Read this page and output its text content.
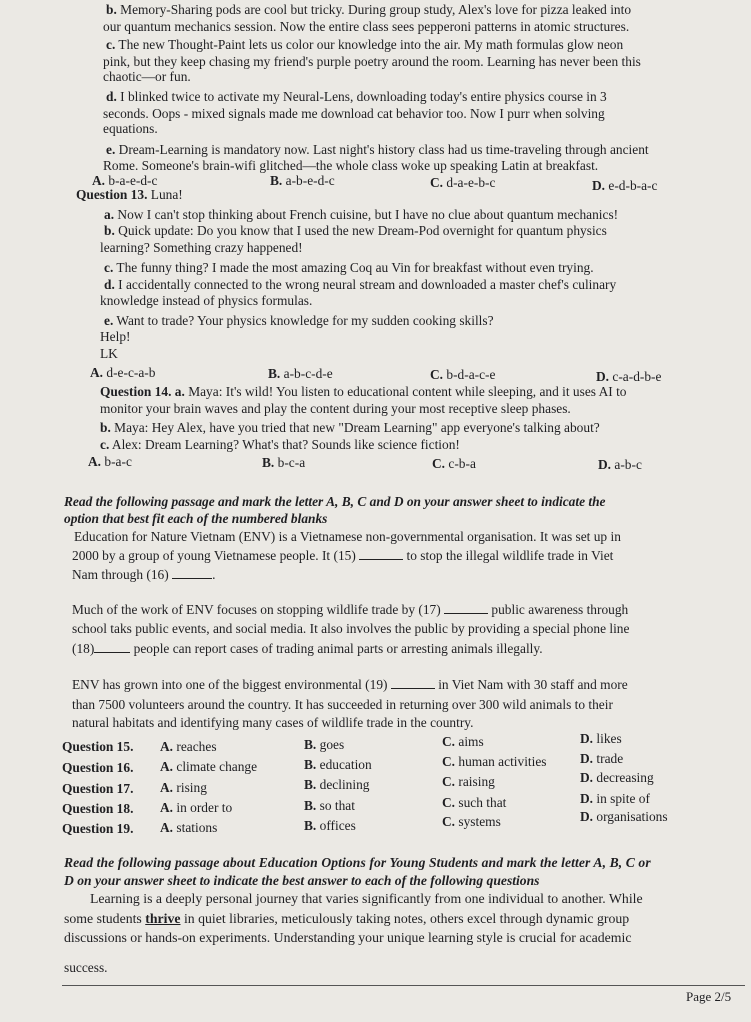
b. Memory-Sharing pods are cool but tricky. During group study, Alex's love for pizza leaked into
our quantum mechanics session. Now the entire class sees pepperoni patterns in atomic structures.
c. The new Thought-Paint lets us color our knowledge into the air. My math formulas glow neon
pink, but they keep chasing my friend's purple poetry around the room. Learning has never been this
chaotic—or fun.
d. I blinked twice to activate my Neural-Lens, downloading today's entire physics course in 3
seconds. Oops - mixed signals made me download cat behavior too. Now I purr when solving
equations.
e. Dream-Learning is mandatory now. Last night's history class had us time-traveling through ancient
Rome. Someone's brain-wifi glitched—the whole class woke up speaking Latin at breakfast.
A. b-a-e-d-c	B. a-b-e-d-c	C. d-a-e-b-c	D. e-d-b-a-c
Question 13. Luna!
a. Now I can't stop thinking about French cuisine, but I have no clue about quantum mechanics!
b. Quick update: Do you know that I used the new Dream-Pod overnight for quantum physics
learning? Something crazy happened!
c. The funny thing? I made the most amazing Coq au Vin for breakfast without even trying.
d. I accidentally connected to the wrong neural stream and downloaded a master chef's culinary
knowledge instead of physics formulas.
e. Want to trade? Your physics knowledge for my sudden cooking skills?
Help!
LK
A. d-e-c-a-b	B. a-b-c-d-e	C. b-d-a-c-e	D. c-a-d-b-e
Question 14. a. Maya: It's wild! You listen to educational content while sleeping, and it uses AI to
monitor your brain waves and play the content during your most receptive sleep phases.
b. Maya: Hey Alex, have you tried that new "Dream Learning" app everyone's talking about?
c. Alex: Dream Learning? What's that? Sounds like science fiction!
A. b-a-c	B. b-c-a	C. c-b-a	D. a-b-c
Read the following passage and mark the letter A, B, C and D on your answer sheet to indicate the
option that best fit each of the numbered blanks
Education for Nature Vietnam (ENV) is a Vietnamese non-governmental organisation. It was set up in
2000 by a group of young Vietnamese people. It (15)	to stop the illegal wildlife trade in Viet
Nam through (16)	.
Much of the work of ENV focuses on stopping wildlife trade by (17)	public awareness through
school taks public events, and social media. It also involves the public by providing a special phone line
(18)	people can report cases of trading animal parts or arresting animals illegally.
ENV has grown into one of the biggest environmental (19)	in Viet Nam with 30 staff and more
than 7500 volunteers around the country. It has succeeded in returning over 300 wild animals to their
natural habitats and identifying many cases of wildlife trade in the country.
Question 15. A. reaches	B. goes	C. aims	D. likes
Question 16. A. climate change	B. education	C. human activities D. trade
Question 17. A. rising	B. declining	C. raising	D. decreasing
Question 18. A. in order to	B. so that	C. such that	D. in spite of
Question 19. A. stations	B. offices	C. systems	D. organisations
Read the following passage about Education Options for Young Students and mark the letter A, B, C or
D on your answer sheet to indicate the best answer to each of the following questions
Learning is a deeply personal journey that varies significantly from one individual to another. While
some students thrive in quiet libraries, meticulously taking notes, others excel through dynamic group
discussions or hands-on experiments. Understanding your unique learning style is crucial for academic
success.
Page 2/5
